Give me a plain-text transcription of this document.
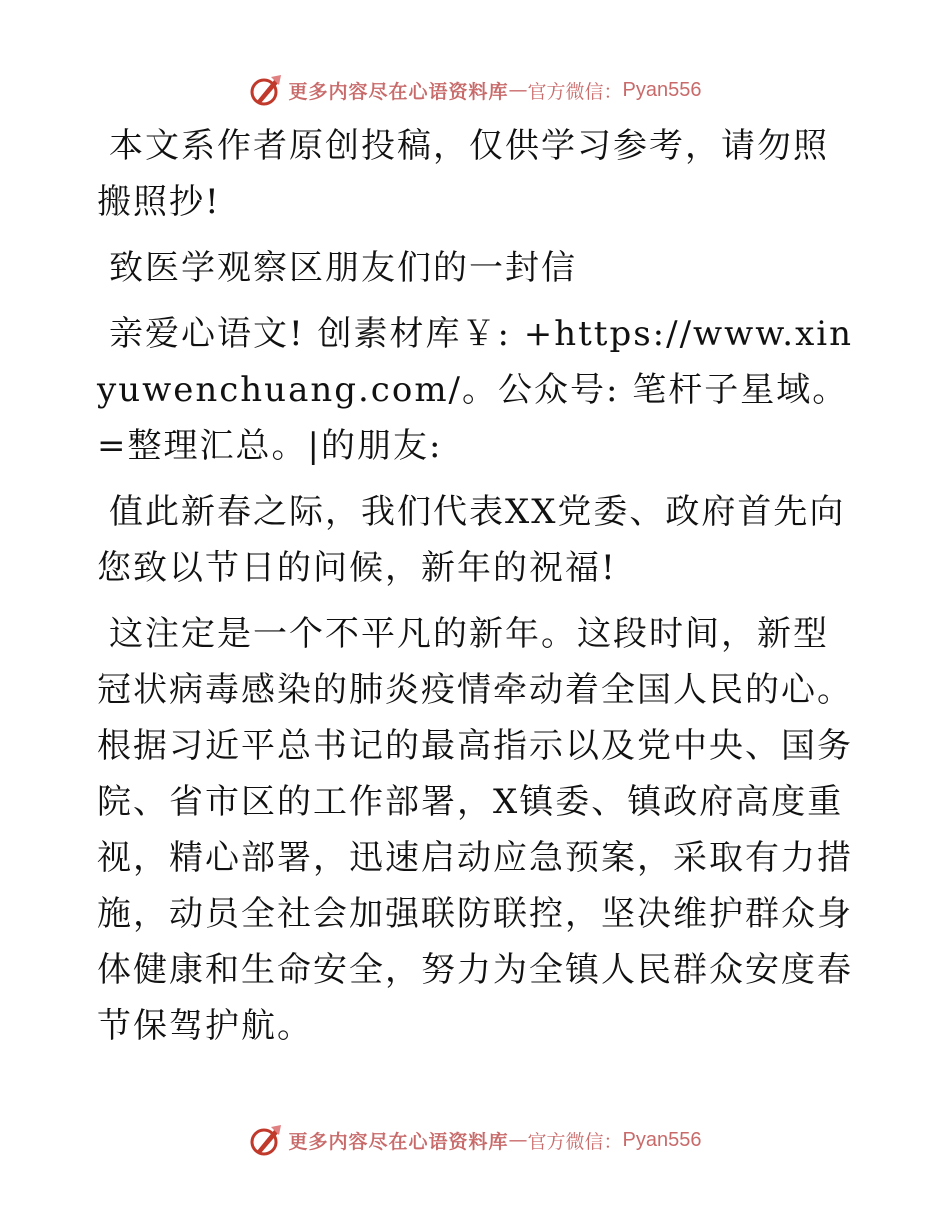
更多内容尽在心语资料库 — 官方微信： Pyan556

本文系作者原创投稿，仅供学习参考，请勿照搬照抄!

致医学观察区朋友们的一封信

亲爱心语文! 创素材库￥: +https://www.xinyuwenchuang.com/。公众号: 笔杆子星域。=整理汇总。|的朋友:

值此新春之际，我们代表XX党委、政府首先向您致以节日的问候，新年的祝福!

这注定是一个不平凡的新年。这段时间，新型冠状病毒感染的肺炎疫情牵动着全国人民的心。根据习近平总书记的最高指示以及党中央、国务院、省市区的工作部署，X镇委、镇政府高度重视，精心部署，迅速启动应急预案，采取有力措施，动员全社会加强联防联控，坚决维护群众身体健康和生命安全，努力为全镇人民群众安度春节保驾护航。

更多内容尽在心语资料库 — 官方微信： Pyan556
